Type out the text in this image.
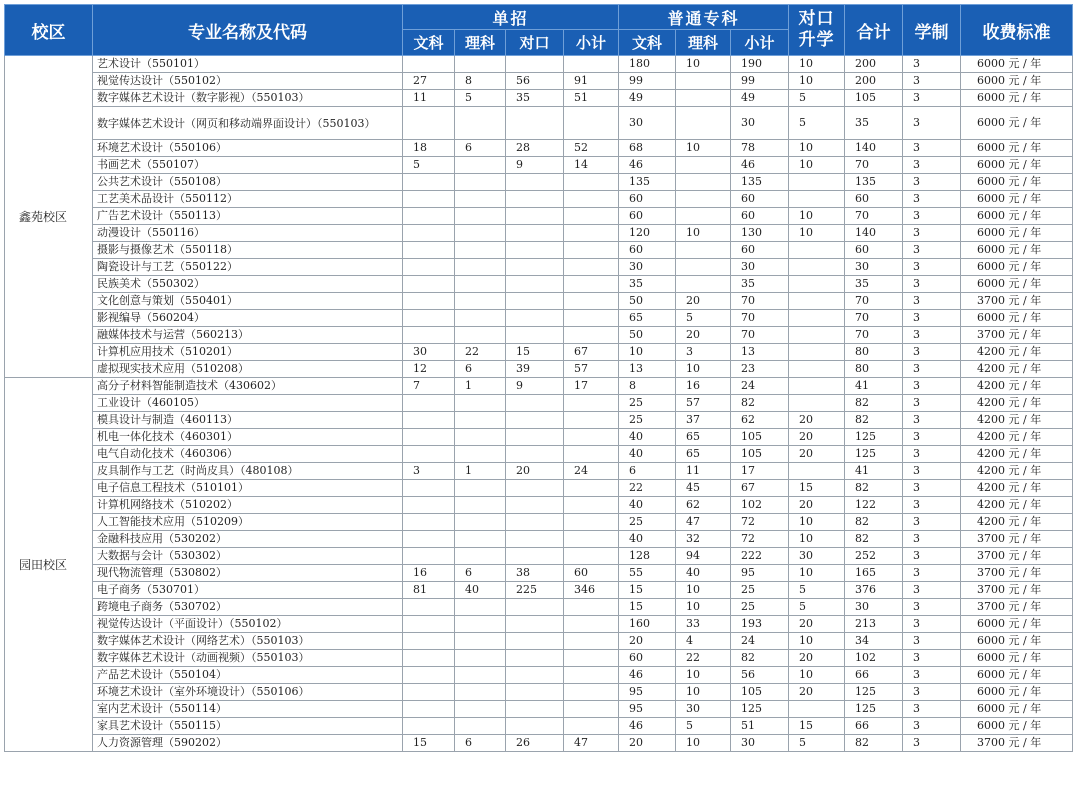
校区	专业名称及代码	单招				普通专科			对口升学	合计	学制	收费标准
		文科	理科	对口	小计	文科	理科	小计				
鑫苑校区	艺术设计（550101）					180	10	190	10	200	3	6000 元 / 年
	视觉传达设计（550102）	27	8	56	91	99		99	10	200	3	6000 元 / 年
	数字媒体艺术设计（数字影视）（550103）	11	5	35	51	49		49	5	105	3	6000 元 / 年
	数字媒体艺术设计（网页和移动端界面设计）（550103）					30		30	5	35	3	6000 元 / 年
	环境艺术设计（550106）	18	6	28	52	68	10	78	10	140	3	6000 元 / 年
	书画艺术（550107）	5		9	14	46		46	10	70	3	6000 元 / 年
	公共艺术设计（550108）					135		135		135	3	6000 元 / 年
	工艺美术品设计（550112）					60		60		60	3	6000 元 / 年
	广告艺术设计（550113）					60		60	10	70	3	6000 元 / 年
	动漫设计（550116）					120	10	130	10	140	3	6000 元 / 年
	摄影与摄像艺术（550118）					60		60		60	3	6000 元 / 年
	陶瓷设计与工艺（550122）					30		30		30	3	6000 元 / 年
	民族美术（550302）					35		35		35	3	6000 元 / 年
	文化创意与策划（550401）					50	20	70		70	3	3700 元 / 年
	影视编导（560204）					65	5	70		70	3	6000 元 / 年
	融媒体技术与运营（560213）					50	20	70		70	3	3700 元 / 年
	计算机应用技术（510201）	30	22	15	67	10	3	13		80	3	4200 元 / 年
	虚拟现实技术应用（510208）	12	6	39	57	13	10	23		80	3	4200 元 / 年
园田校区	高分子材料智能制造技术（430602）	7	1	9	17	8	16	24		41	3	4200 元 / 年
	工业设计（460105）					25	57	82		82	3	4200 元 / 年
	模具设计与制造（460113）					25	37	62	20	82	3	4200 元 / 年
	机电一体化技术（460301）					40	65	105	20	125	3	4200 元 / 年
	电气自动化技术（460306）					40	65	105	20	125	3	4200 元 / 年
	皮具制作与工艺（时尚皮具）（480108）	3	1	20	24	6	11	17		41	3	4200 元 / 年
	电子信息工程技术（510101）					22	45	67	15	82	3	4200 元 / 年
	计算机网络技术（510202）					40	62	102	20	122	3	4200 元 / 年
	人工智能技术应用（510209）					25	47	72	10	82	3	4200 元 / 年
	金融科技应用（530202）					40	32	72	10	82	3	3700 元 / 年
	大数据与会计（530302）					128	94	222	30	252	3	3700 元 / 年
	现代物流管理（530802）	16	6	38	60	55	40	95	10	165	3	3700 元 / 年
	电子商务（530701）	81	40	225	346	15	10	25	5	376	3	3700 元 / 年
	跨境电子商务（530702）					15	10	25	5	30	3	3700 元 / 年
	视觉传达设计（平面设计）（550102）					160	33	193	20	213	3	6000 元 / 年
	数字媒体艺术设计（网络艺术）（550103）					20	4	24	10	34	3	6000 元 / 年
	数字媒体艺术设计（动画视频）（550103）					60	22	82	20	102	3	6000 元 / 年
	产品艺术设计（550104）					46	10	56	10	66	3	6000 元 / 年
	环境艺术设计（室外环境设计）（550106）					95	10	105	20	125	3	6000 元 / 年
	室内艺术设计（550114）					95	30	125		125	3	6000 元 / 年
	家具艺术设计（550115）					46	5	51	15	66	3	6000 元 / 年
	人力资源管理（590202）	15	6	26	47	20	10	30	5	82	3	3700 元 / 年
